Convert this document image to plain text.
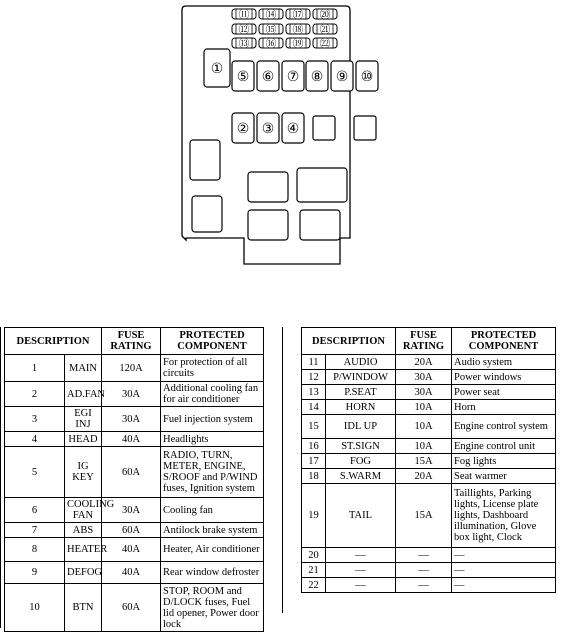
⑪ ⑭ ⑰ ⑳
⑫ ⑮ ⑱ ㉑
⑬ ⑯ ⑲ ㉒
① ⑤ ⑥ ⑦ ⑧ ⑨ ⑩
② ③ ④
DESCRIPTION		FUSE
RATING	PROTECTED
COMPONENT
1	MAIN	120A	For protection of all circuits
2	AD.FAN	30A	Additional cooling fan for air conditioner
3	EGI INJ	30A	Fuel injection system
4	HEAD	40A	Headlights
5	IG KEY	60A	RADIO, TURN, METER, ENGINE, S/ROOF and P/WIND fuses, Ignition system
6	COOLING FAN	30A	Cooling fan
7	ABS	60A	Antilock brake system
8	HEATER	40A	Heater, Air conditioner
9	DEFOG	40A	Rear window defroster
10	BTN	60A	STOP, ROOM and D/LOCK fuses, Fuel lid opener, Power door lock
DESCRIPTION		FUSE
RATING	PROTECTED
COMPONENT
11	AUDIO	20A	Audio system
12	P/WINDOW	30A	Power windows
13	P.SEAT	30A	Power seat
14	HORN	10A	Horn
15	IDL UP	10A	Engine control system
16	ST.SIGN	10A	Engine control unit
17	FOG	15A	Fog lights
18	S.WARM	20A	Seat warmer
19	TAIL	15A	Taillights, Parking lights, License plate lights, Dashboard illumination, Glove box light, Clock
20	—	—	—
21	—	—	—
22	—	—	—
